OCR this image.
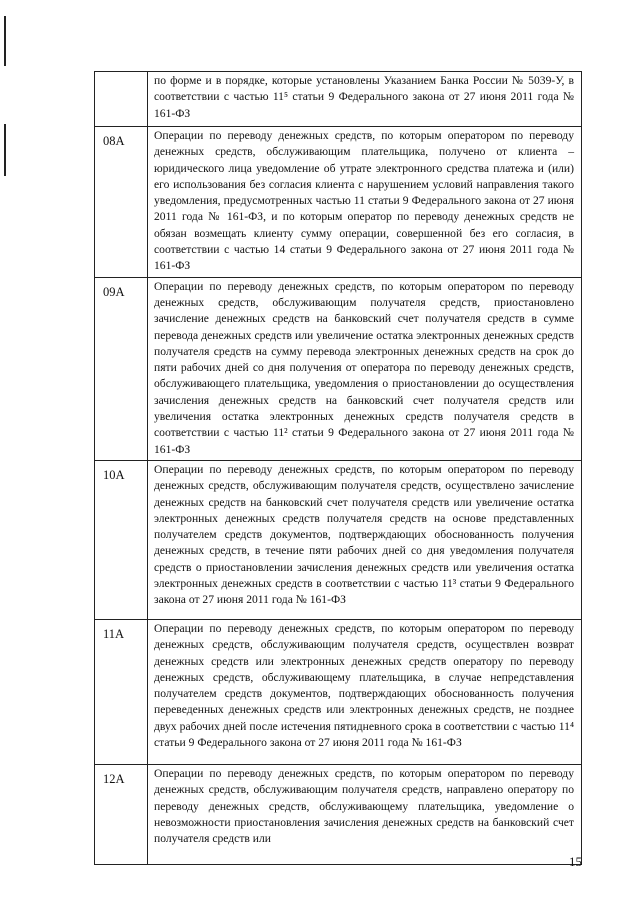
	по форме и в порядке, которые установлены Указанием Банка России № 5039-У, в соответствии с частью 11⁵ статьи 9 Федерального закона от 27 июня 2011 года № 161-ФЗ
08А	Операции по переводу денежных средств, по которым оператором по переводу денежных средств, обслуживающим плательщика, получено от клиента – юридического лица уведомление об утрате электронного средства платежа и (или) его использования без согласия клиента с нарушением условий направления такого уведомления, предусмотренных частью 11 статьи 9 Федерального закона от 27 июня 2011 года № 161-ФЗ, и по которым оператор по переводу денежных средств не обязан возмещать клиенту сумму операции, совершенной без его согласия, в соответствии с частью 14 статьи 9 Федерального закона от 27 июня 2011 года № 161-ФЗ
09А	Операции по переводу денежных средств, по которым оператором по переводу денежных средств, обслуживающим получателя средств, приостановлено зачисление денежных средств на банковский счет получателя средств в сумме перевода денежных средств или увеличение остатка электронных денежных средств получателя средств на сумму перевода электронных денежных средств на срок до пяти рабочих дней со дня получения от оператора по переводу денежных средств, обслуживающего плательщика, уведомления о приостановлении до осуществления зачисления денежных средств на банковский счет получателя средств или увеличения остатка электронных денежных средств получателя средств в соответствии с частью 11² статьи 9 Федерального закона от 27 июня 2011 года № 161-ФЗ
10А	Операции по переводу денежных средств, по которым оператором по переводу денежных средств, обслуживающим получателя средств, осуществлено зачисление денежных средств на банковский счет получателя средств или увеличение остатка электронных денежных средств получателя средств на основе представленных получателем средств документов, подтверждающих обоснованность получения денежных средств, в течение пяти рабочих дней со дня уведомления получателя средств о приостановлении зачисления денежных средств или увеличения остатка электронных денежных средств в соответствии с частью 11³ статьи 9 Федерального закона от 27 июня 2011 года № 161-ФЗ
11А	Операции по переводу денежных средств, по которым оператором по переводу денежных средств, обслуживающим получателя средств, осуществлен возврат денежных средств или электронных денежных средств оператору по переводу денежных средств, обслуживающему плательщика, в случае непредставления получателем средств документов, подтверждающих обоснованность получения переведенных денежных средств или электронных денежных средств, не позднее двух рабочих дней после истечения пятидневного срока в соответствии с частью 11⁴ статьи 9 Федерального закона от 27 июня 2011 года № 161-ФЗ
12А	Операции по переводу денежных средств, по которым оператором по переводу денежных средств, обслуживающим получателя средств, направлено оператору по переводу денежных средств, обслуживающему плательщика, уведомление о невозможности приостановления зачисления денежных средств на банковский счет получателя средств или
15
